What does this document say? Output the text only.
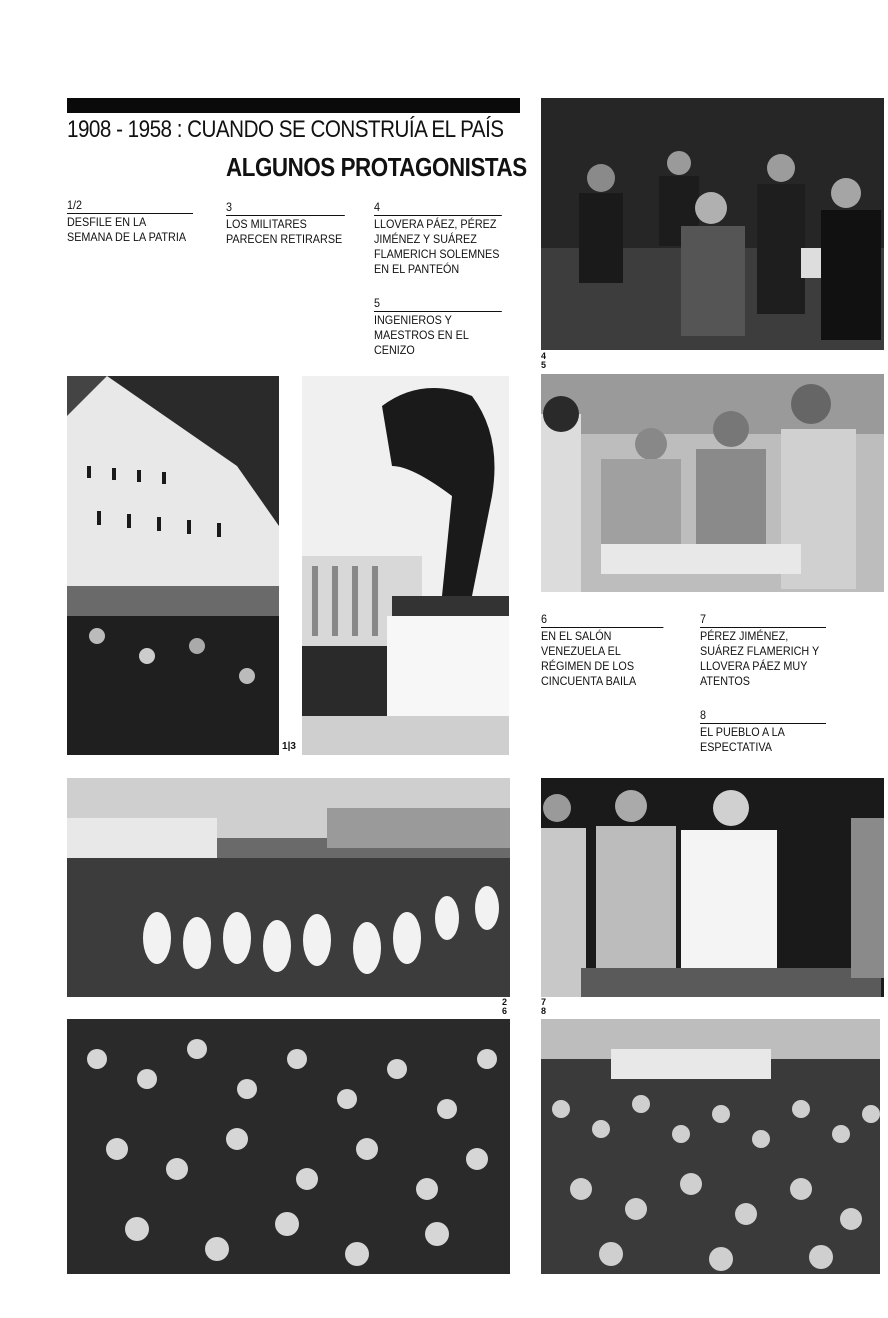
1908 - 1958 : CUANDO SE CONSTRUÍA EL PAÍS
ALGUNOS PROTAGONISTAS
1/2
DESFILE EN LA SEMANA DE LA PATRIA
3
LOS MILITARES PARECEN RETIRARSE
4
LLOVERA PÁEZ, PÉREZ JIMÉNEZ Y SUÁREZ FLAMERICH SOLEMNES EN EL PANTEÓN
5
INGENIEROS Y MAESTROS EN EL CENIZO
6
EN EL SALÓN VENEZUELA EL RÉGIMEN DE LOS CINCUENTA BAILA
7
PÉREZ JIMÉNEZ, SUÁREZ FLAMERICH Y LLOVERA PÁEZ MUY ATENTOS
8
EL PUEBLO A LA ESPECTATIVA
4
5
1|3
2
6
7
8
